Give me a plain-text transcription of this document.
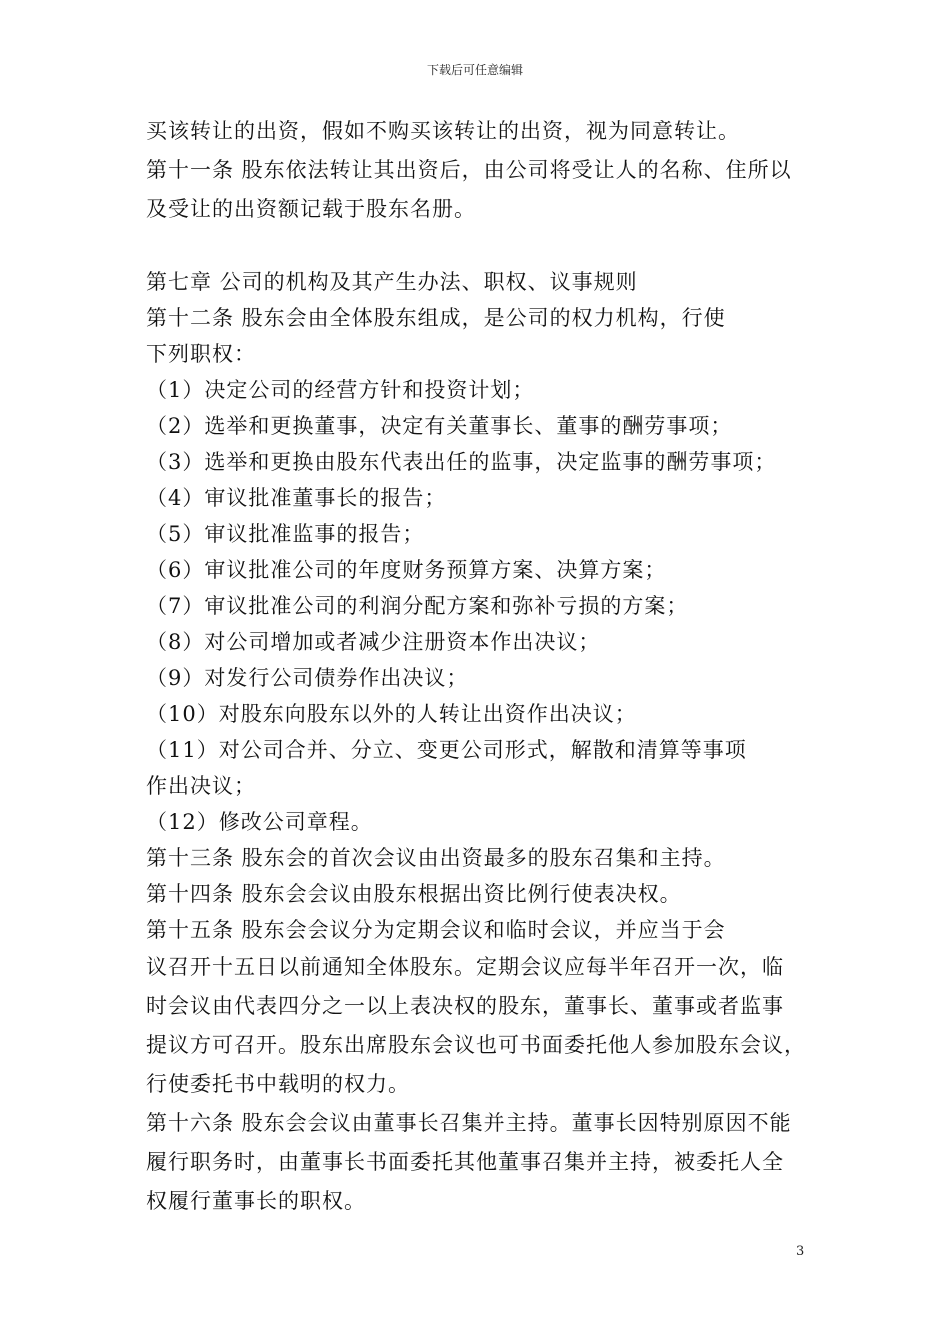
下载后可任意编辑
买该转让的出资，假如不购买该转让的出资，视为同意转让。
第十一条 股东依法转让其出资后，由公司将受让人的名称、住所以
及受让的出资额记载于股东名册。
第七章 公司的机构及其产生办法、职权、议事规则
第十二条 股东会由全体股东组成，是公司的权力机构，行使
下列职权：
（1）决定公司的经营方针和投资计划；
（2）选举和更换董事，决定有关董事长、董事的酬劳事项；
（3）选举和更换由股东代表出任的监事，决定监事的酬劳事项；
（4）审议批准董事长的报告；
（5）审议批准监事的报告；
（6）审议批准公司的年度财务预算方案、决算方案；
（7）审议批准公司的利润分配方案和弥补亏损的方案；
（8）对公司增加或者减少注册资本作出决议；
（9）对发行公司债券作出决议；
（10）对股东向股东以外的人转让出资作出决议；
（11）对公司合并、分立、变更公司形式，解散和清算等事项
作出决议；
（12）修改公司章程。
第十三条 股东会的首次会议由出资最多的股东召集和主持。
第十四条 股东会会议由股东根据出资比例行使表决权。
第十五条 股东会会议分为定期会议和临时会议，并应当于会
议召开十五日以前通知全体股东。定期会议应每半年召开一次，临
时会议由代表四分之一以上表决权的股东，董事长、董事或者监事
提议方可召开。股东出席股东会议也可书面委托他人参加股东会议，
行使委托书中载明的权力。
第十六条 股东会会议由董事长召集并主持。董事长因特别原因不能
履行职务时，由董事长书面委托其他董事召集并主持，被委托人全
权履行董事长的职权。
3
